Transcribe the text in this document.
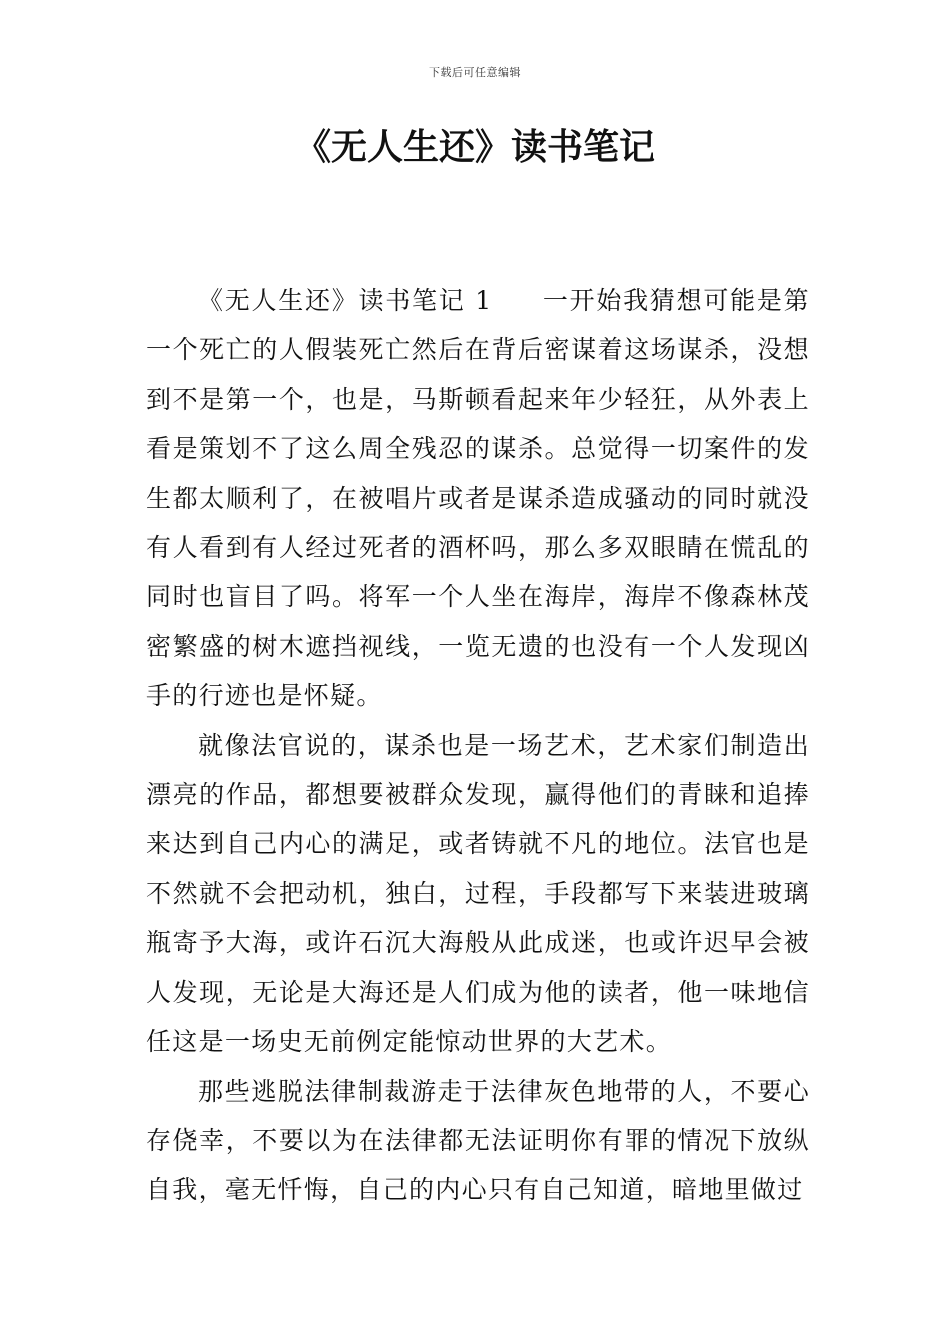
下载后可任意编辑
《无人生还》读书笔记

《无人生还》读书笔记 1 一开始我猜想可能是第一个死亡的人假装死亡然后在背后密谋着这场谋杀，没想到不是第一个，也是，马斯顿看起来年少轻狂，从外表上看是策划不了这么周全残忍的谋杀。总觉得一切案件的发生都太顺利了，在被唱片或者是谋杀造成骚动的同时就没有人看到有人经过死者的酒杯吗，那么多双眼睛在慌乱的同时也盲目了吗。将军一个人坐在海岸，海岸不像森林茂密繁盛的树木遮挡视线，一览无遗的也没有一个人发现凶手的行迹也是怀疑。

就像法官说的，谋杀也是一场艺术，艺术家们制造出漂亮的作品，都想要被群众发现，赢得他们的青睐和追捧来达到自己内心的满足，或者铸就不凡的地位。法官也是不然就不会把动机，独白，过程，手段都写下来装进玻璃瓶寄予大海，或许石沉大海般从此成迷，也或许迟早会被人发现，无论是大海还是人们成为他的读者，他一味地信任这是一场史无前例定能惊动世界的大艺术。

那些逃脱法律制裁游走于法律灰色地带的人，不要心存侥幸，不要以为在法律都无法证明你有罪的情况下放纵自我，毫无忏悔，自己的内心只有自己知道，暗地里做过
